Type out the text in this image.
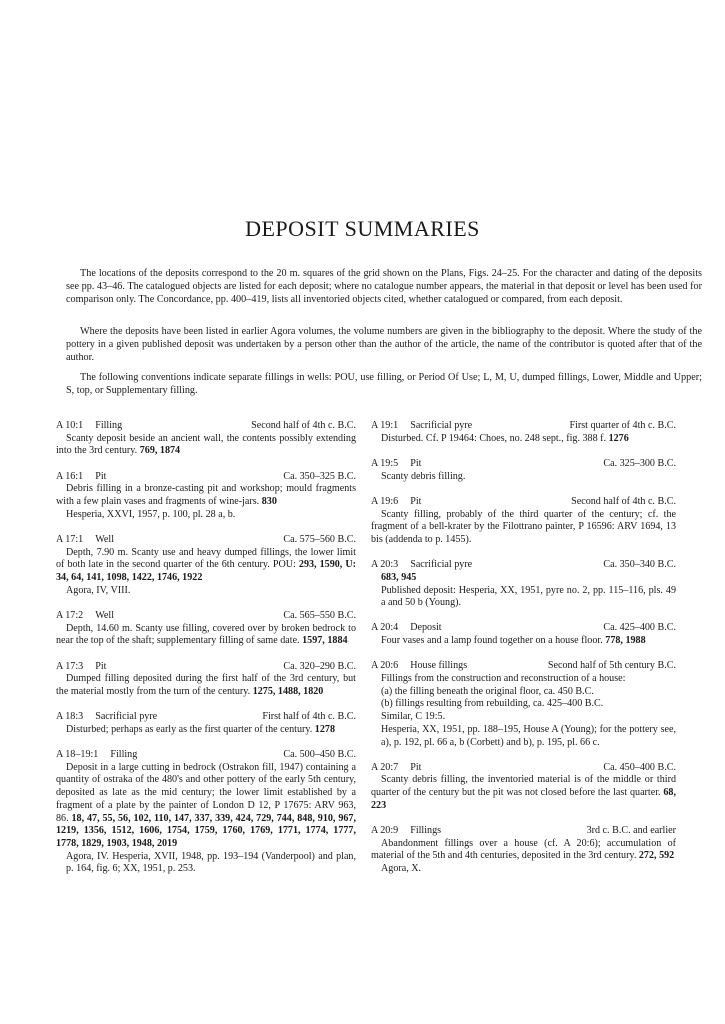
DEPOSIT SUMMARIES

The locations of the deposits correspond to the 20 m. squares of the grid shown on the Plans, Figs. 24–25. For the character and dating of the deposits see pp. 43–46. The catalogued objects are listed for each deposit; where no catalogue number appears, the material in that deposit or level has been used for comparison only. The Concordance, pp. 400–419, lists all inventoried objects cited, whether catalogued or compared, from each deposit.

Where the deposits have been listed in earlier Agora volumes, the volume numbers are given in the bibliography to the deposit. Where the study of the pottery in a given published deposit was undertaken by a person other than the author of the article, the name of the contributor is quoted after that of the author.

The following conventions indicate separate fillings in wells: POU, use filling, or Period Of Use; L, M, U, dumped fillings, Lower, Middle and Upper; S, top, or Supplementary filling.

A 10:1 Filling	Second half of 4th c. B.C.
Scanty deposit beside an ancient wall, the contents possibly extending into the 3rd century. 769, 1874
A 16:1 Pit	Ca. 350–325 B.C.
Debris filling in a bronze-casting pit and workshop; mould fragments with a few plain vases and fragments of wine-jars. 830
Hesperia, XXVI, 1957, p. 100, pl. 28 a, b.
A 17:1 Well	Ca. 575–560 B.C.
Depth, 7.90 m. Scanty use and heavy dumped fillings, the lower limit of both late in the second quarter of the 6th century. POU: 293, 1590, U: 34, 64, 141, 1098, 1422, 1746, 1922
Agora, IV, VIII.
A 17:2 Well	Ca. 565–550 B.C.
Depth, 14.60 m. Scanty use filling, covered over by broken bedrock to near the top of the shaft; supplementary filling of same date. 1597, 1884
A 17:3 Pit	Ca. 320–290 B.C.
Dumped filling deposited during the first half of the 3rd century, but the material mostly from the turn of the century. 1275, 1488, 1820
A 18:3 Sacrificial pyre	First half of 4th c. B.C.
Disturbed; perhaps as early as the first quarter of the century. 1278
A 18–19:1 Filling	Ca. 500–450 B.C.
Deposit in a large cutting in bedrock (Ostrakon fill, 1947) containing a quantity of ostraka of the 480's and other pottery of the early 5th century, deposited as late as the mid century; the lower limit established by a fragment of a plate by the painter of London D 12, P 17675: ARV 963, 86. 18, 47, 55, 56, 102, 110, 147, 337, 339, 424, 729, 744, 848, 910, 967, 1219, 1356, 1512, 1606, 1754, 1759, 1760, 1769, 1771, 1774, 1777, 1778, 1829, 1903, 1948, 2019
Agora, IV. Hesperia, XVII, 1948, pp. 193–194 (Vanderpool) and plan, p. 164, fig. 6; XX, 1951, p. 253.
A 19:1 Sacrificial pyre	First quarter of 4th c. B.C.
Disturbed. Cf. P 19464: Choes, no. 248 sept., fig. 388 f. 1276
A 19:5 Pit	Ca. 325–300 B.C.
Scanty debris filling.
A 19:6 Pit	Second half of 4th c. B.C.
Scanty filling, probably of the third quarter of the century; cf. the fragment of a bell-krater by the Filottrano painter, P 16596: ARV 1694, 13 bis (addenda to p. 1455).
A 20:3 Sacrificial pyre	Ca. 350–340 B.C.
683, 945
Published deposit: Hesperia, XX, 1951, pyre no. 2, pp. 115–116, pls. 49 a and 50 b (Young).
A 20:4 Deposit	Ca. 425–400 B.C.
Four vases and a lamp found together on a house floor. 778, 1988
A 20:6 House fillings	Second half of 5th century B.C.
Fillings from the construction and reconstruction of a house:
(a) the filling beneath the original floor, ca. 450 B.C.
(b) fillings resulting from rebuilding, ca. 425–400 B.C.
Similar, C 19:5.
Hesperia, XX, 1951, pp. 188–195, House A (Young); for the pottery see, a), p. 192, pl. 66 a, b (Corbett) and b), p. 195, pl. 66 c.
A 20:7 Pit	Ca. 450–400 B.C.
Scanty debris filling, the inventoried material is of the middle or third quarter of the century but the pit was not closed before the last quarter. 68, 223
A 20:9 Fillings	3rd c. B.C. and earlier
Abandonment fillings over a house (cf. A 20:6); accumulation of material of the 5th and 4th centuries, deposited in the 3rd century. 272, 592
Agora, X.
